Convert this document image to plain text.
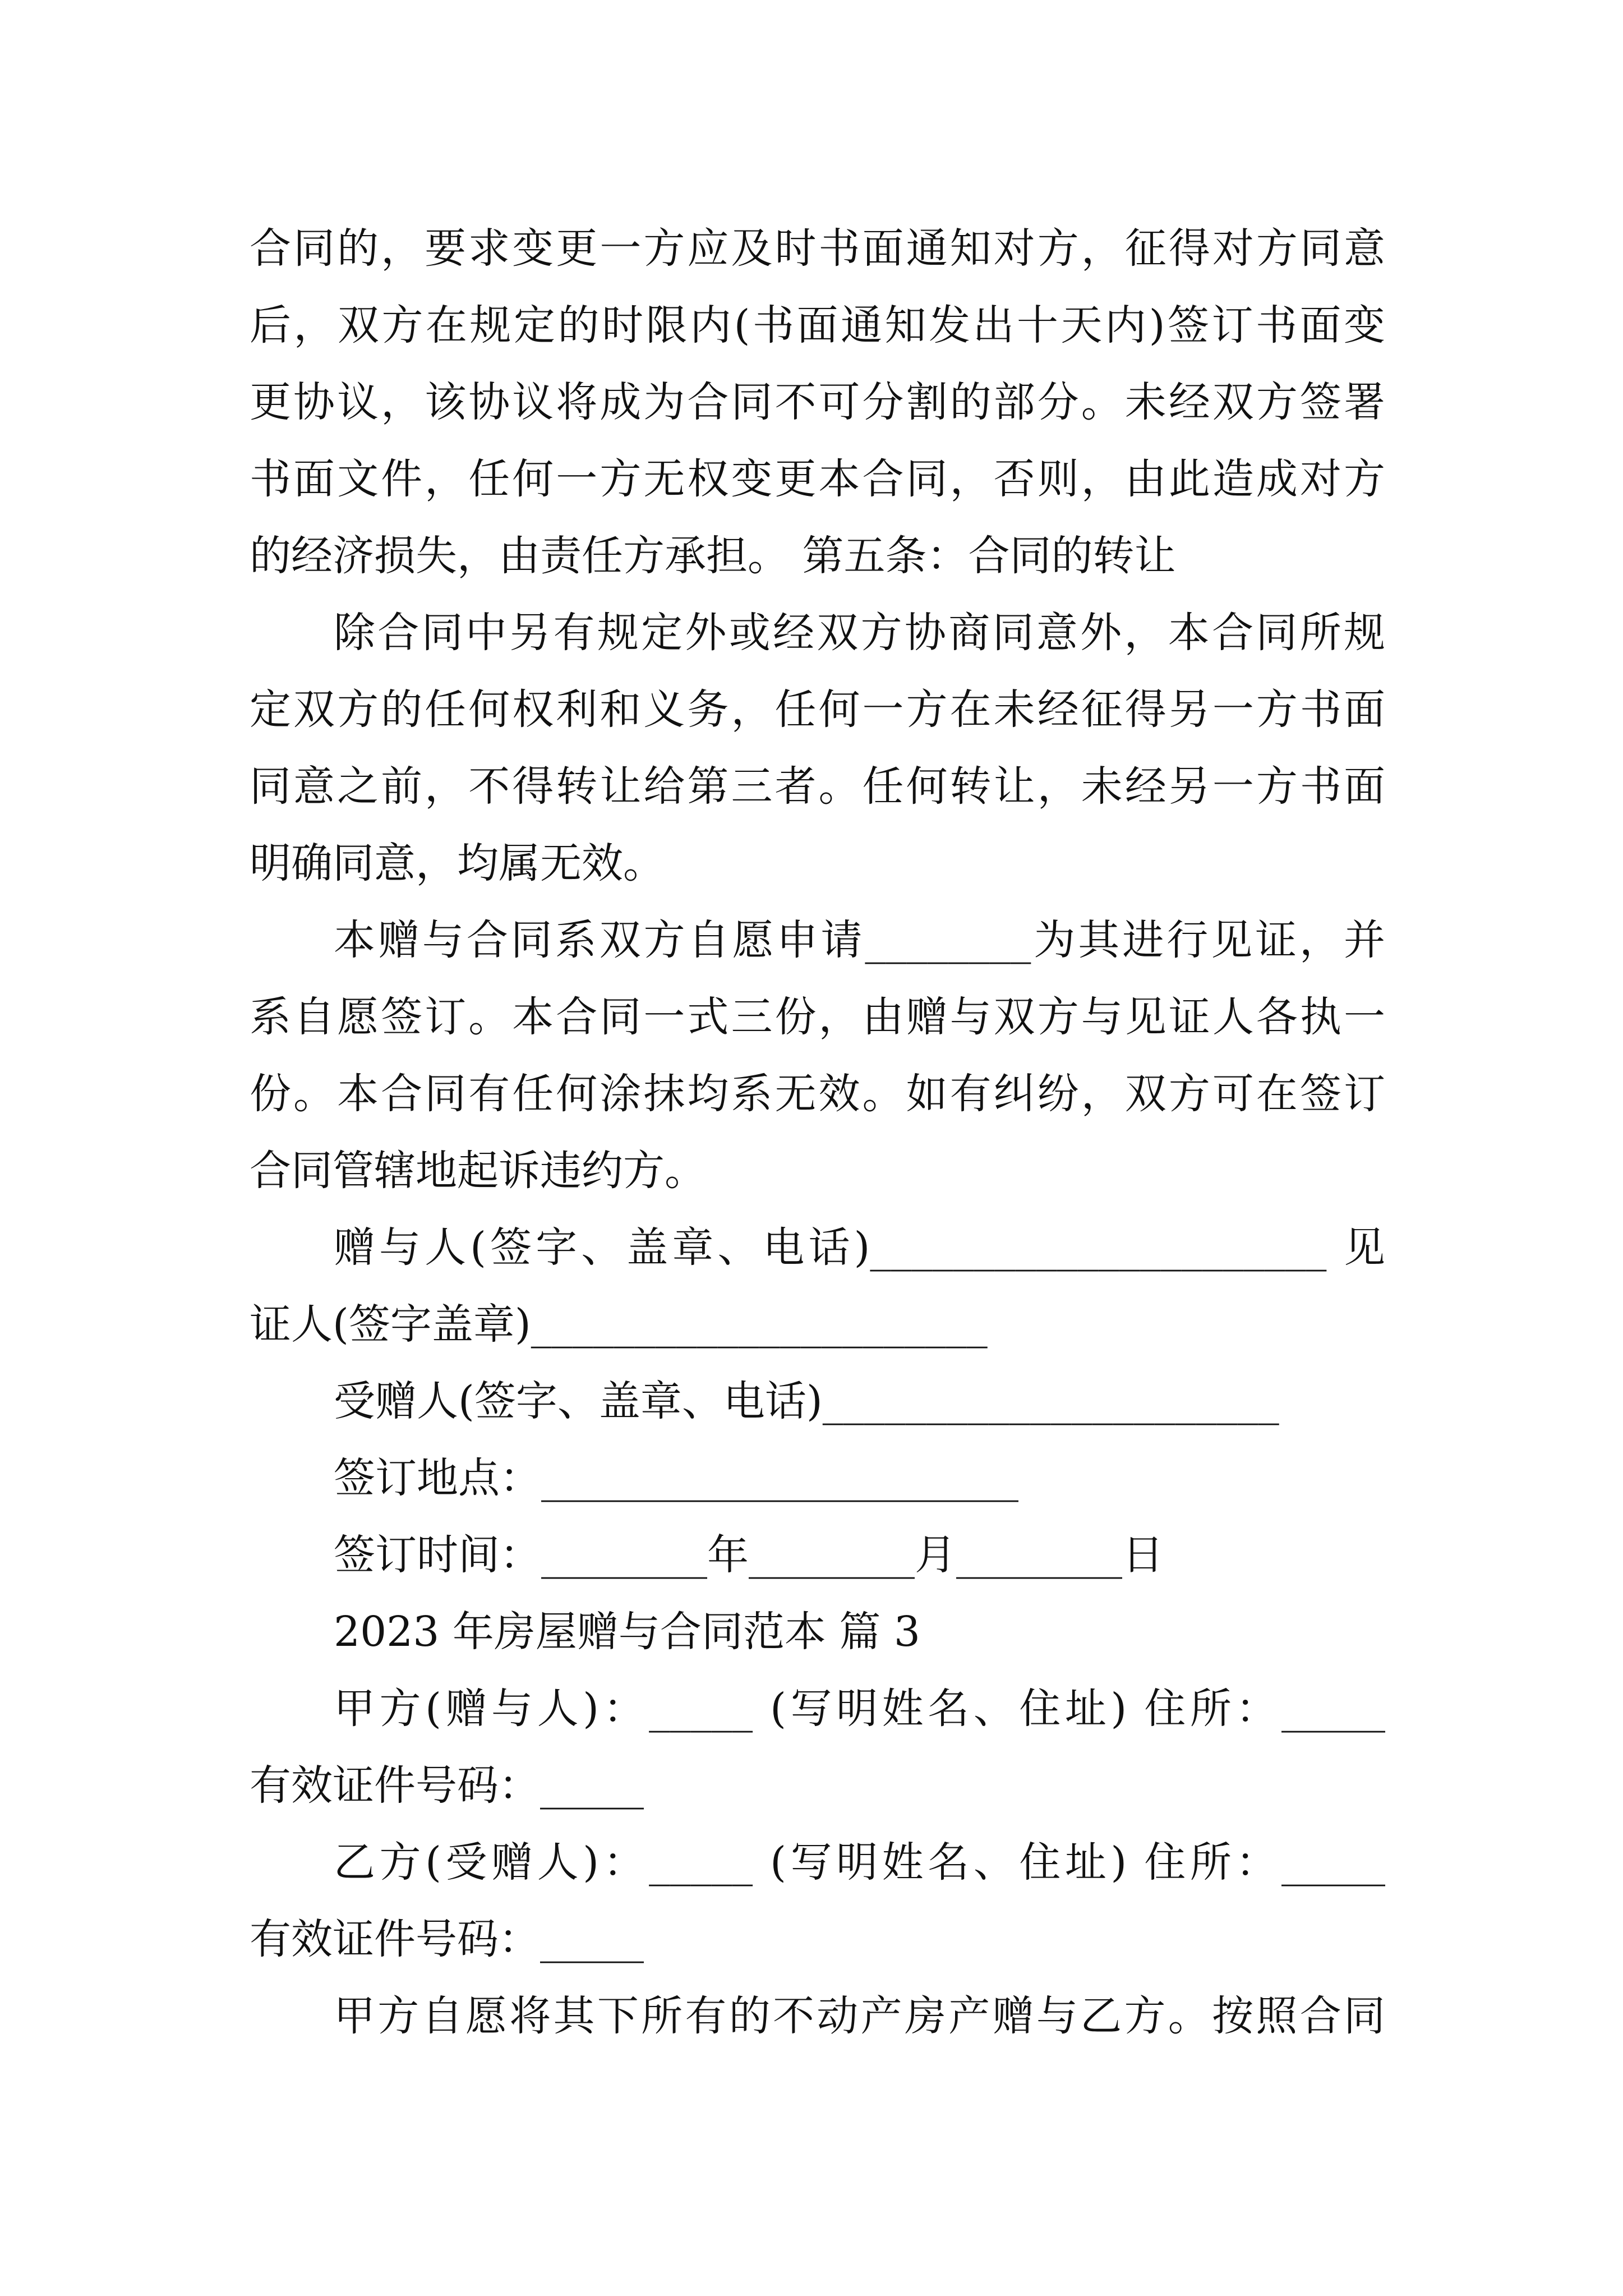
合同的，要求变更一方应及时书面通知对方，征得对方同意
后，双方在规定的时限内(书面通知发出十天内)签订书面变
更协议，该协议将成为合同不可分割的部分。未经双方签署
书面文件，任何一方无权变更本合同，否则，由此造成对方
的经济损失，由责任方承担。 第五条：合同的转让
除合同中另有规定外或经双方协商同意外，本合同所规
定双方的任何权利和义务，任何一方在未经征得另一方书面
同意之前，不得转让给第三者。任何转让，未经另一方书面
明确同意，均属无效。
本赠与合同系双方自愿申请________为其进行见证，并
系自愿签订。本合同一式三份，由赠与双方与见证人各执一
份。本合同有任何涂抹均系无效。如有纠纷，双方可在签订
合同管辖地起诉违约方。
赠与人(签字、盖章、电话)______________________ 见
证人(签字盖章)______________________
受赠人(签字、盖章、电话)______________________
签订地点：_______________________
签订时间：________年________月________日
2023 年房屋赠与合同范本 篇 3
甲方(赠与人)：_____ (写明姓名、住址) 住所：_____
有效证件号码：_____
乙方(受赠人)：_____ (写明姓名、住址) 住所：_____
有效证件号码：_____
甲方自愿将其下所有的不动产房产赠与乙方。按照合同
